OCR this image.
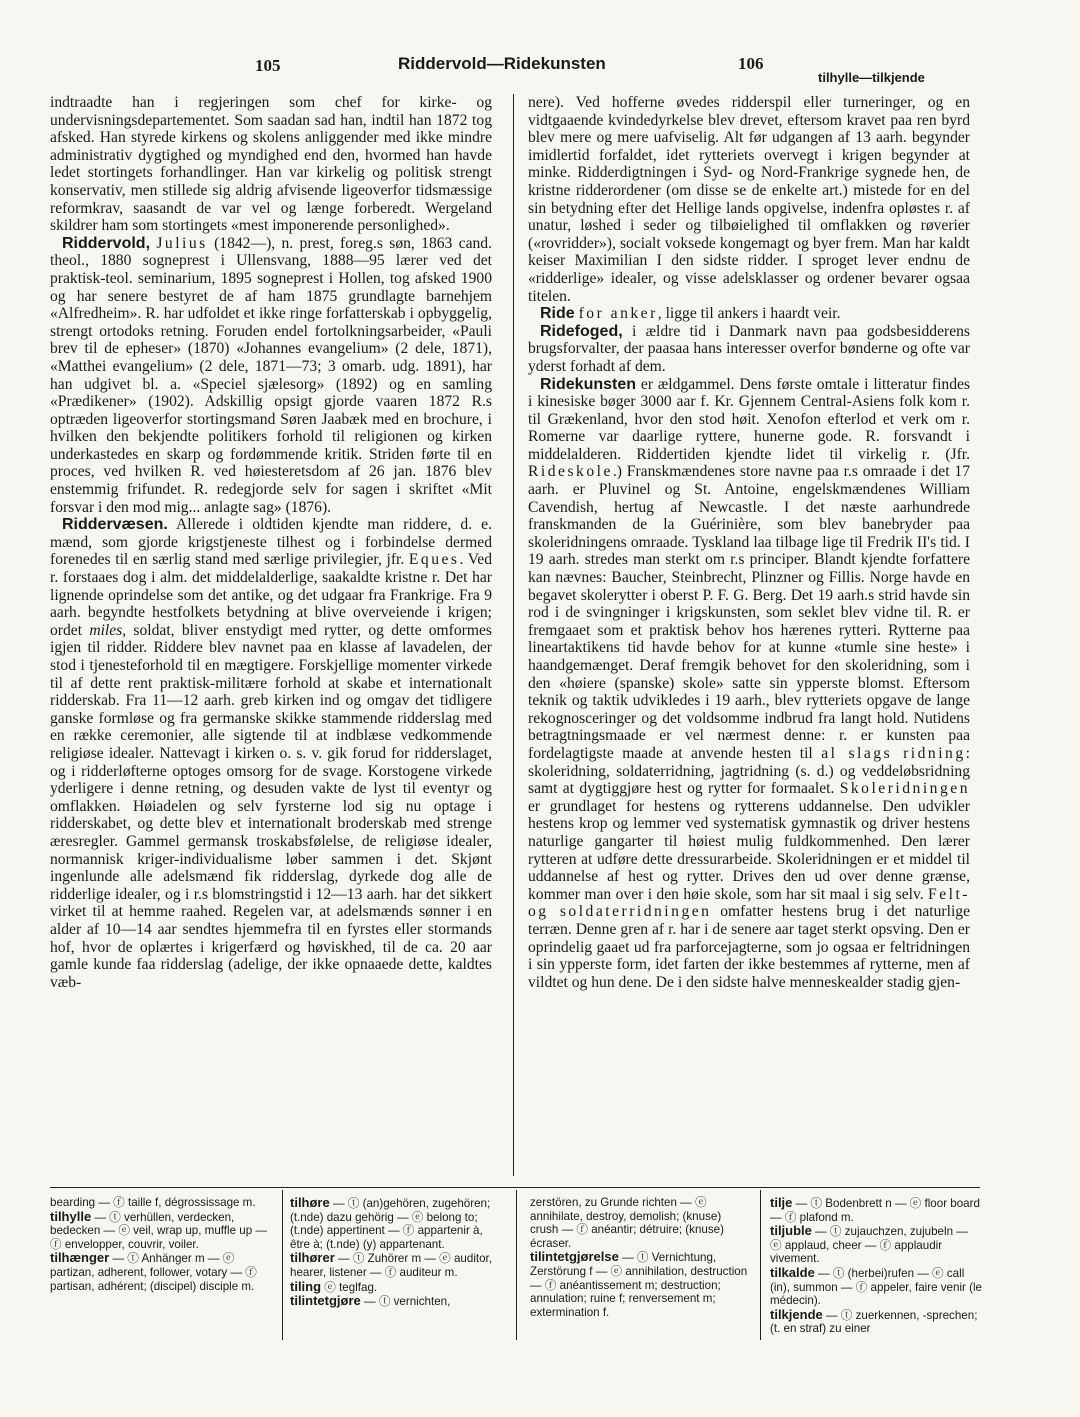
105	Riddervold—Ridekunsten	106
tilhylle—tilkjende

indtraadte han i regjeringen som chef for kirke- og undervisningsdepartementet. Som saadan sad han, indtil han 1872 tog afsked. Han styrede kirkens og skolens anliggender med ikke mindre administrativ dygtighed og myndighed end den, hvormed han havde ledet stortingets forhandlinger. Han var kirkelig og politisk strengt konservativ, men stillede sig aldrig afvisende ligeoverfor tidsmæssige reformkrav, saasandt de var vel og længe forberedt. Wergeland skildrer ham som stortingets «mest imponerende personlighed».

Riddervold, Julius (1842—), n. prest, foreg.s søn, 1863 cand. theol., 1880 sogneprest i Ullensvang, 1888—95 lærer ved det praktisk-teol. seminarium, 1895 sogneprest i Hollen, tog afsked 1900 og har senere bestyret de af ham 1875 grundlagte barnehjem «Alfredheim». R. har udfoldet et ikke ringe forfatterskab i opbyggelig, strengt ortodoks retning. Foruden endel fortolkningsarbeider, «Pauli brev til de epheser» (1870) «Johannes evangelium» (2 dele, 1871), «Matthei evangelium» (2 dele, 1871—73; 3 omarb. udg. 1891), har han udgivet bl. a. «Speciel sjælesorg» (1892) og en samling «Prædikener» (1902). Adskillig opsigt gjorde vaaren 1872 R.s optræden ligeoverfor stortingsmand Søren Jaabæk med en brochure, i hvilken den bekjendte politikers forhold til religionen og kirken underkastedes en skarp og fordømmende kritik. Striden førte til en proces, ved hvilken R. ved høiesteretsdom af 26 jan. 1876 blev enstemmig frifundet. R. redegjorde selv for sagen i skriftet «Mit forsvar i den mod mig... anlagte sag» (1876).

Riddervæsen. Allerede i oldtiden kjendte man riddere, d. e. mænd, som gjorde krigstjeneste tilhest og i forbindelse dermed forenedes til en særlig stand med særlige privilegier, jfr. Eques. Ved r. forstaaes dog i alm. det middelalderlige, saakaldte kristne r. Det har lignende oprindelse som det antike, og det udgaar fra Frankrige. Fra 9 aarh. begyndte hestfolkets betydning at blive overveiende i krigen; ordet miles, soldat, bliver enstydigt med rytter, og dette omformes igjen til ridder. Riddere blev navnet paa en klasse af lavadelen, der stod i tjenesteforhold til en mægtigere. Forskjellige momenter virkede til af dette rent praktisk-militære forhold at skabe et internationalt ridderskab. Fra 11—12 aarh. greb kirken ind og omgav det tidligere ganske formløse og fra germanske skikke stammende ridderslag med en række ceremonier, alle sigtende til at indblæse vedkommende religiøse idealer. Nattevagt i kirken o. s. v. gik forud for ridderslaget, og i ridderløfterne optoges omsorg for de svage. Korstogene virkede yderligere i denne retning, og desuden vakte de lyst til eventyr og omflakken. Høiadelen og selv fyrsterne lod sig nu optage i ridderskabet, og dette blev et internationalt broderskab med strenge æresregler. Gammel germansk troskabsfølelse, de religiøse idealer, normannisk kriger-individualisme løber sammen i det. Skjønt ingenlunde alle adelsmænd fik ridderslag, dyrkede dog alle de ridderlige idealer, og i r.s blomstringstid i 12—13 aarh. har det sikkert virket til at hemme raahed. Regelen var, at adelsmænds sønner i en alder af 10—14 aar sendtes hjemmefra til en fyrstes eller stormands hof, hvor de oplærtes i krigerfærd og høviskhed, til de ca. 20 aar gamle kunde faa ridderslag (adelige, der ikke opnaaede dette, kaldtes væb-

nere). Ved hofferne øvedes ridderspil eller turneringer, og en vidtgaaende kvindedyrkelse blev drevet, eftersom kravet paa ren byrd blev mere og mere uafviselig. Alt før udgangen af 13 aarh. begynder imidlertid forfaldet, idet rytteriets overvegt i krigen begynder at minke. Ridderdigtningen i Syd- og Nord-Frankrige sygnede hen, de kristne ridderordener (om disse se de enkelte art.) mistede for en del sin betydning efter det Hellige lands opgivelse, indenfra opløstes r. af unatur, løshed i seder og tilbøielighed til omflakken og røverier («rovridder»), socialt voksede kongemagt og byer frem. Man har kaldt keiser Maximilian I den sidste ridder. I sproget lever endnu de «ridderlige» idealer, og visse adelsklasser og ordener bevarer ogsaa titelen.

Ride for anker, ligge til ankers i haardt veir.

Ridefoged, i ældre tid i Danmark navn paa godsbesidderens brugsforvalter, der paasaa hans interesser overfor bønderne og ofte var yderst forhadt af dem.

Ridekunsten er ældgammel. Dens første omtale i litteratur findes i kinesiske bøger 3000 aar f. Kr. Gjennem Central-Asiens folk kom r. til Grækenland, hvor den stod høit. Xenofon efterlod et verk om r. Romerne var daarlige ryttere, hunerne gode. R. forsvandt i middelalderen. Riddertiden kjendte lidet til virkelig r. (Jfr. Rideskole.) Franskmændenes store navne paa r.s omraade i det 17 aarh. er Pluvinel og St. Antoine, engelskmændenes William Cavendish, hertug af Newcastle. I det næste aarhundrede franskmanden de la Guérinière, som blev banebryder paa skoleridningens omraade. Tyskland laa tilbage lige til Fredrik II's tid. I 19 aarh. stredes man sterkt om r.s principer. Blandt kjendte forfattere kan nævnes: Baucher, Steinbrecht, Plinzner og Fillis. Norge havde en begavet skolerytter i oberst P. F. G. Berg. Det 19 aarh.s strid havde sin rod i de svingninger i krigskunsten, som seklet blev vidne til. R. er fremgaaet som et praktisk behov hos hærenes rytteri. Rytterne paa lineartaktikens tid havde behov for at kunne «tumle sine heste» i haandgemænget. Deraf fremgik behovet for den skoleridning, som i den «høiere (spanske) skole» satte sin ypperste blomst. Eftersom teknik og taktik udvikledes i 19 aarh., blev rytteriets opgave de lange rekognosceringer og det voldsomme indbrud fra langt hold. Nutidens betragtningsmaade er vel nærmest denne: r. er kunsten paa fordelagtigste maade at anvende hesten til al slags ridning: skoleridning, soldaterridning, jagtridning (s. d.) og veddeløbsridning samt at dygtiggjøre hest og rytter for formaalet. Skoleridningen er grundlaget for hestens og rytterens uddannelse. Den udvikler hestens krop og lemmer ved systematisk gymnastik og driver hestens naturlige gangarter til høiest mulig fuldkommenhed. Den lærer rytteren at udføre dette dressurarbeide. Skoleridningen er et middel til uddannelse af hest og rytter. Drives den ud over denne grænse, kommer man over i den høie skole, som har sit maal i sig selv. Felt- og soldaterridningen omfatter hestens brug i det naturlige terræn. Denne gren af r. har i de senere aar taget sterkt opsving. Den er oprindelig gaaet ud fra parforcejagterne, som jo ogsaa er feltridningen i sin ypperste form, idet farten der ikke bestemmes af rytterne, men af vildtet og hun dene. De i den sidste halve menneskealder stadig gjen-

bearding — ⓕ taille f, dégrossissage m.

tilhylle — ⓣ verhüllen, verdecken, bedecken — ⓔ veil, wrap up, muffle up — ⓕ envelopper, couvrir, voiler.

tilhænger — ⓣ Anhänger m — ⓔ partizan, adherent, follower, votary — ⓕ partisan, adhérent; (discipel) disciple m.

tilhøre — ⓣ (an)gehören, zugehören; (t.nde) dazu gehörig — ⓔ belong to; (t.nde) appertinent — ⓕ appartenir à, être à; (t.nde) (y) appartenant.

tilhører — ⓣ Zuhörer m — ⓔ auditor, hearer, listener — ⓕ auditeur m.

tiling ⓔ teglfag.

tilintetgjøre — ⓣ vernichten,

zerstören, zu Grunde richten — ⓔ annihilate, destroy, demolish; (knuse) crush — ⓕ anéantir; détruire; (knuse) écraser.

tilintetgjørelse — ⓣ Vernichtung, Zerstörung f — ⓔ annihilation, destruction — ⓕ anéantissement m; destruction; annulation; ruine f; renversement m; extermination f.

tilje — ⓣ Bodenbrett n — ⓔ floor board — ⓕ plafond m.

tiljuble — ⓣ zujauchzen, zujubeln — ⓔ applaud, cheer — ⓕ applaudir vivement.

tilkalde — ⓣ (herbei)rufen — ⓔ call (in), summon — ⓕ appeler, faire venir (le médecin).

tilkjende — ⓣ zuerkennen, -sprechen; (t. en straf) zu einer
